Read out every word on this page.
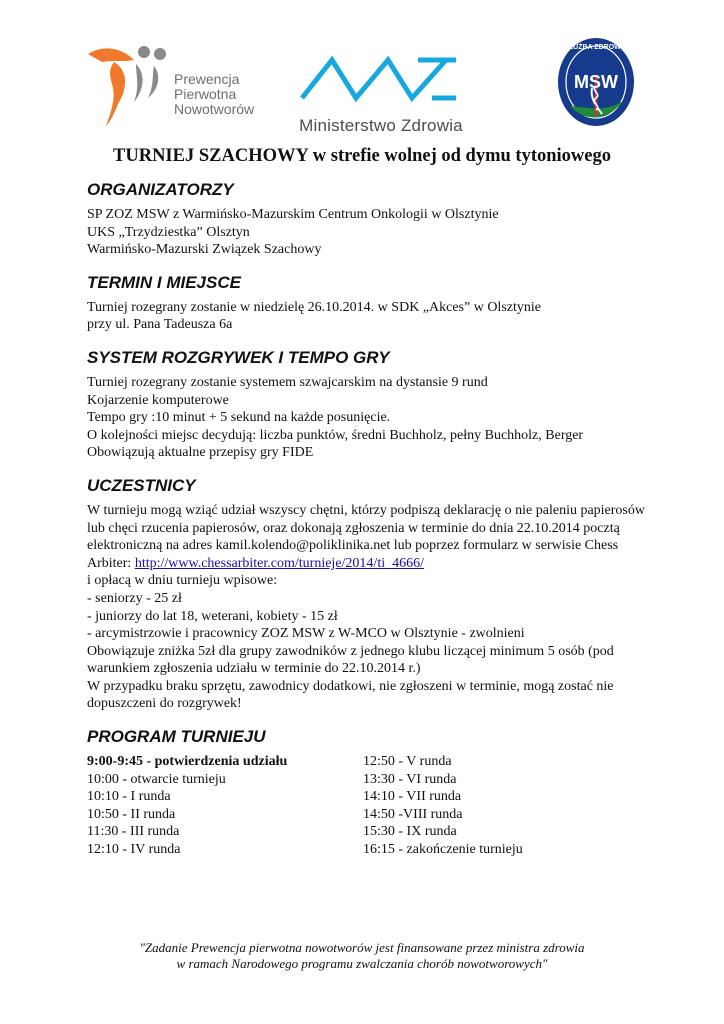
Prewencja
Pierwotna
Nowotworów
Ministerstwo Zdrowia
MSW
SŁUŻBA ZDROWIA
TURNIEJ SZACHOWY w strefie wolnej od dymu tytoniowego
ORGANIZATORZY

SP ZOZ MSW z Warmińsko-Mazurskim Centrum Onkologii w Olsztynie

UKS „Trzydziestka” Olsztyn

Warmińsko-Mazurski Związek Szachowy

TERMIN I MIEJSCE

Turniej rozegrany zostanie w niedzielę 26.10.2014. w SDK „Akces” w Olsztynie

przy ul. Pana Tadeusza 6a

SYSTEM ROZGRYWEK I TEMPO GRY

Turniej rozegrany zostanie systemem szwajcarskim na dystansie 9 rund

Kojarzenie komputerowe

Tempo gry :10 minut + 5 sekund na każde posunięcie.

O kolejności miejsc decydują: liczba punktów, średni Buchholz, pełny Buchholz, Berger

Obowiązują aktualne przepisy gry FIDE

UCZESTNICY

W turnieju mogą wziąć udział wszyscy chętni, którzy podpiszą deklarację o nie paleniu papierosów lub chęci rzucenia papierosów, oraz dokonają zgłoszenia w terminie do dnia 22.10.2014 pocztą elektroniczną na adres kamil.kolendo@poliklinika.net lub poprzez formularz w serwisie Chess Arbiter: http://www.chessarbiter.com/turnieje/2014/ti_4666/

i opłacą w dniu turnieju wpisowe:

- seniorzy - 25 zł

- juniorzy do lat 18, weterani, kobiety - 15 zł

- arcymistrzowie i pracownicy ZOZ MSW z W-MCO w Olsztynie - zwolnieni

Obowiązuje zniżka 5zł dla grupy zawodników z jednego klubu liczącej minimum 5 osób (pod warunkiem zgłoszenia udziału w terminie do 22.10.2014 r.)

W przypadku braku sprzętu, zawodnicy dodatkowi, nie zgłoszeni w terminie, mogą zostać nie dopuszczeni do rozgrywek!

PROGRAM TURNIEJU
9:00-9:45 - potwierdzenia udziału
10:00 - otwarcie turnieju
10:10 - I runda
10:50 - II runda
11:30 - III runda
12:10 - IV runda
12:50 - V runda
13:30 - VI runda
14:10 - VII runda
14:50 -VIII runda
15:30 - IX runda
16:15 - zakończenie turnieju
"Zadanie Prewencja pierwotna nowotworów jest finansowane przez ministra zdrowia
w ramach Narodowego programu zwalczania chorób nowotworowych"
